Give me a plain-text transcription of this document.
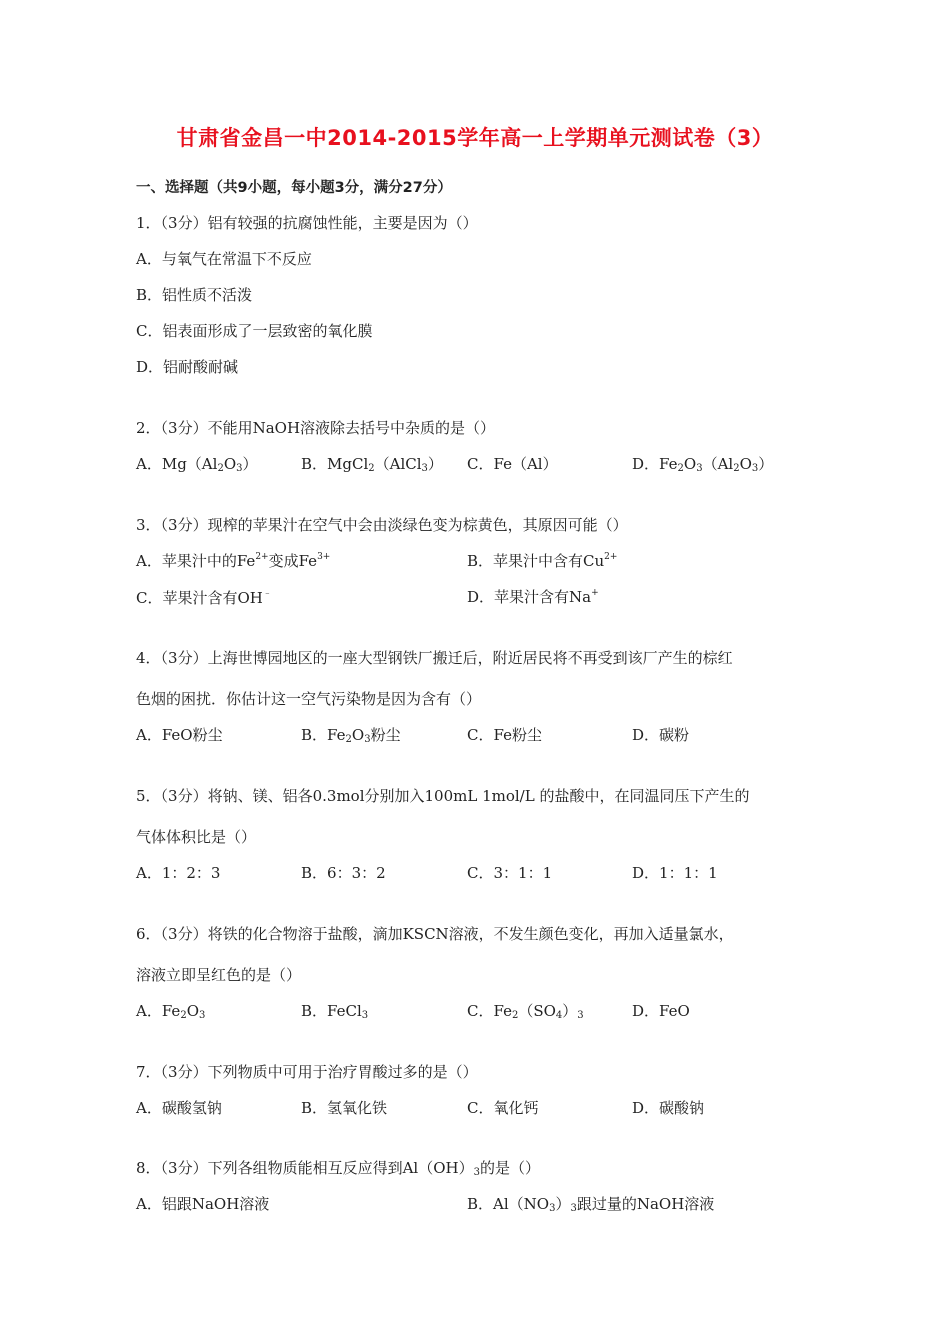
甘肃省金昌一中2014-2015学年高一上学期单元测试卷（3）
一、选择题（共9小题，每小题3分，满分27分）
1．（3分）铝有较强的抗腐蚀性能，主要是因为（）
A．与氧气在常温下不反应
B．铝性质不活泼
C．铝表面形成了一层致密的氧化膜
D．铝耐酸耐碱
2．（3分）不能用NaOH溶液除去括号中杂质的是（）
A．$Mg(Al_2O_3)$	B．MgCl$_2$（AlCl$_3$） C．Fe（Al）	D．$Fe_2O_3(Al_2O_3)$
3．（3分）现榨的苹果汁在空气中会由淡绿色变为棕黄色，其原因可能（）
A．苹果汁中的$Fe^{2+}$变成$Fe^{3+}$	B．苹果汁中含有$Cu^{2+}$
C．苹果汁含有OH﹣	D．苹果汁含有Na+
4．（3分）上海世博园地区的一座大型钢铁厂搬迁后，附近居民将不再受到该厂产生的棕红
色烟的困扰．你估计这一空气污染物是因为含有（）
A．FeO粉尘	B．$Fe_2O_3$粉尘	C．Fe粉尘	D．碳粉
5．（3分）将钠、镁、铝各0.3mol分别加入100mL 1mol/L 的盐酸中，在同温同压下产生的
气体体积比是（）
A．1：2：3	B．6：3：2	C．3：1：1	D．1：1：1
6．（3分）将铁的化合物溶于盐酸，滴加KSCN溶液，不发生颜色变化，再加入适量氯水，
溶液立即呈红色的是（）
A．$Fe_2O_3$	B．FeCl$_3$	C．$Fe_2(SO_4)_3$	D．FeO
7．（3分）下列物质中可用于治疗胃酸过多的是（）
A．碳酸氢钠	B．氢氧化铁	C．氧化钙	D．碳酸钠
8．（3分）下列各组物质能相互反应得到$Al(OH)_3$的是（）
A．铝跟NaOH溶液	B．$Al(NO_3)_3$跟过量的NaOH溶液
